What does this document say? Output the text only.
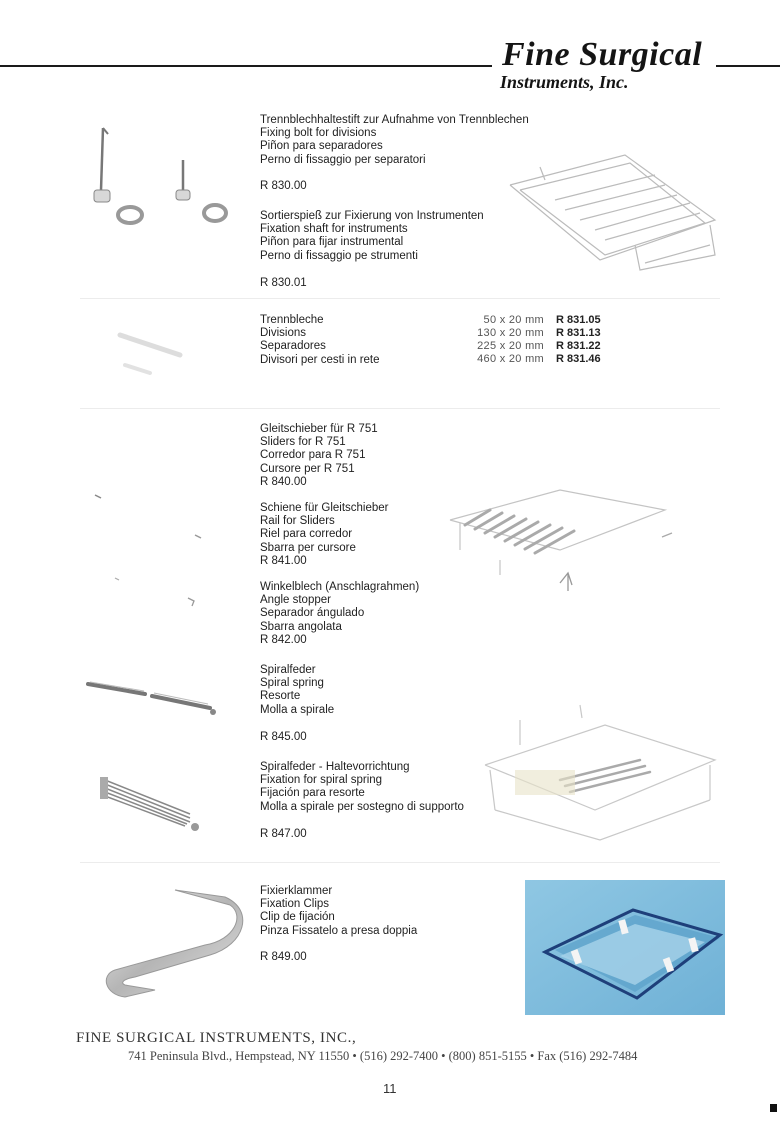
Fine Surgical
Instruments, Inc.
Trennblechhaltestift zur Aufnahme von Trennblechen
Fixing bolt for divisions
Piñon para separadores
Perno di fissaggio per separatori
R 830.00
Sortierspieß zur Fixierung von Instrumenten
Fixation shaft for instruments
Piñon para fijar instrumental
Perno di fissaggio pe strumenti
R 830.01
Trennbleche
Divisions
Separadores
Divisori per cesti in rete
50 x 20 mm R 831.05
130 x 20 mm R 831.13
225 x 20 mm R 831.22
460 x 20 mm R 831.46
Gleitschieber für R 751
Sliders for R 751
Corredor para R 751
Cursore per R 751
R 840.00
Schiene für Gleitschieber
Rail for Sliders
Riel para corredor
Sbarra per cursore
R 841.00
Winkelblech (Anschlagrahmen)
Angle stopper
Separador ángulado
Sbarra angolata
R 842.00
Spiralfeder
Spiral spring
Resorte
Molla a spirale
R 845.00
Spiralfeder - Haltevorrichtung
Fixation for spiral spring
Fijación para resorte
Molla a spirale per sostegno di supporto
R 847.00
Fixierklammer
Fixation Clips
Clip de fijación
Pinza Fissatelo a presa doppia
R 849.00
FINE SURGICAL INSTRUMENTS, INC.,
741 Peninsula Blvd., Hempstead, NY 11550 • (516) 292-7400 • (800) 851-5155 • Fax (516) 292-7484
11
